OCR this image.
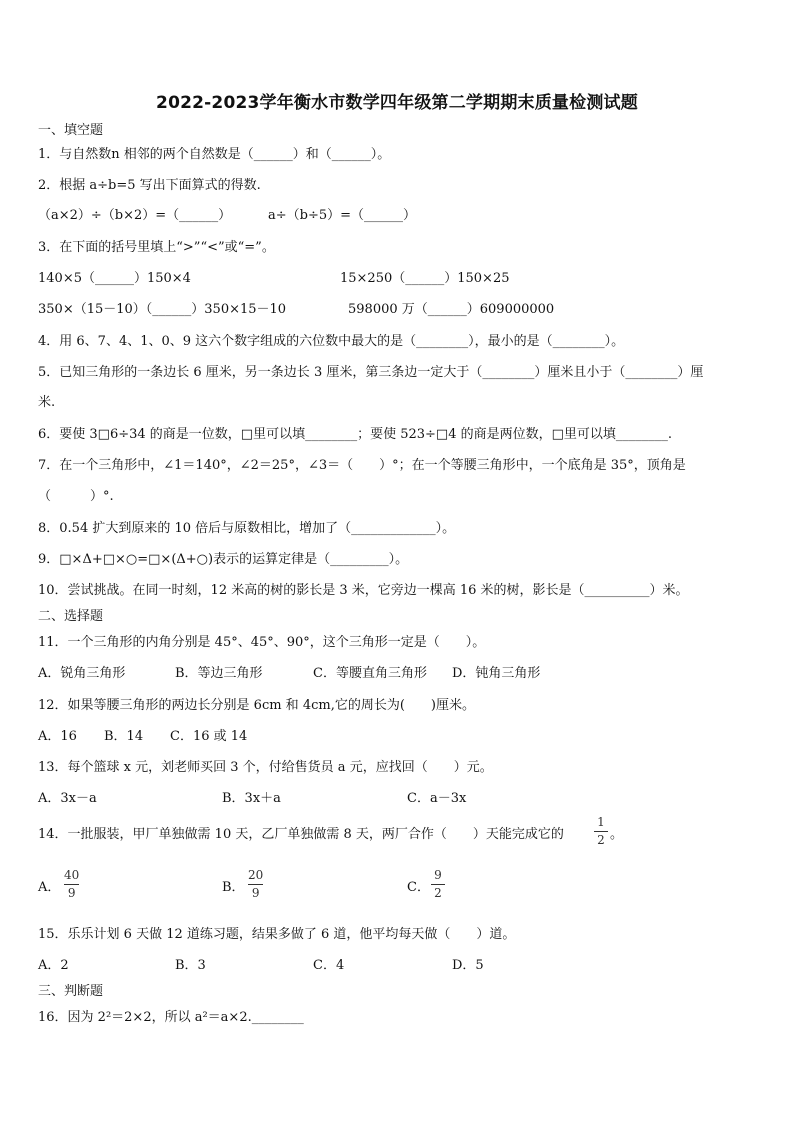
2022-2023学年衡水市数学四年级第二学期期末质量检测试题
一、填空题
1．与自然数n 相邻的两个自然数是（______）和（______）。
2．根据 a÷b=5 写出下面算式的得数.
（a×2）÷（b×2）=（______）	a÷（b÷5）=（______）
3．在下面的括号里填上“>”“<”或“=”。
140×5（______）150×4	15×250（______）150×25
350×（15－10）（______）350×15－10	598000 万（______）609000000
4．用 6、7、4、1、0、9 这六个数字组成的六位数中最大的是（________），最小的是（________）。
5．已知三角形的一条边长 6 厘米，另一条边长 3 厘米，第三条边一定大于（________）厘米且小于（________）厘
米.
6．要使 3□6÷34 的商是一位数，□里可以填________；要使 523÷□4 的商是两位数，□里可以填________.
7．在一个三角形中，∠1＝140°，∠2＝25°，∠3＝（　　）°；在一个等腰三角形中，一个底角是 35°，顶角是
（　　　）°.
8．0.54 扩大到原来的 10 倍后与原数相比，增加了（_____________）。
9．□×Δ+□×○=□×(Δ+○)表示的运算定律是（_________）。
10．尝试挑战。在同一时刻，12 米高的树的影长是 3 米，它旁边一棵高 16 米的树，影长是（__________）米。
二、选择题
11．一个三角形的内角分别是 45°、45°、90°，这个三角形一定是（　　）。
A．锐角三角形	B．等边三角形	C．等腰直角三角形 D．钝角三角形
12．如果等腰三角形的两边长分别是 6cm 和 4cm,它的周长为(　　)厘米。
A．16 B．14 C．16 或 14
13．每个篮球 x 元，刘老师买回 3 个，付给售货员 a 元，应找回（　　）元。
A．3x－a	B．3x＋a	C．a－3x
14．一批服装，甲厂单独做需 10 天，乙厂单独做需 8 天，两厂合作（　　）天能完成它的
1
2 。
A．
40
9	B．
20
9	C．
9
2
15．乐乐计划 6 天做 12 道练习题，结果多做了 6 道，他平均每天做（　　）道。
A．2	B．3	C．4	D．5
三、判断题
16．因为 2²＝2×2，所以 a²＝a×2.________
